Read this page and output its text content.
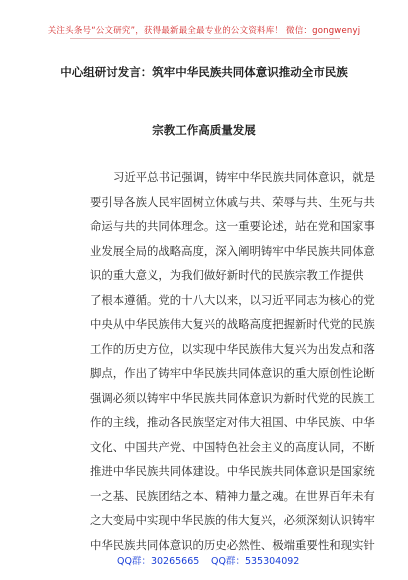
关注头条号“公文研究”，获得最新最全最专业的公文资料库！ 微信：gongwenyj
中心组研讨发言：筑牢中华民族共同体意识推动全市民族
宗教工作高质量发展
习近平总书记强调，铸牢中华民族共同体意识，就是
要引导各族人民牢固树立休戚与共、荣辱与共、生死与共
命运与共的共同体理念。这一重要论述，站在党和国家事
业发展全局的战略高度，深入阐明铸牢中华民族共同体意
识的重大意义，为我们做好新时代的民族宗教工作提供
了根本遵循。党的十八大以来，以习近平同志为核心的党
中央从中华民族伟大复兴的战略高度把握新时代党的民族
工作的历史方位，以实现中华民族伟大复兴为出发点和落
脚点，作出了铸牢中华民族共同体意识的重大原创性论断
强调必须以铸牢中华民族共同体意识为新时代党的民族工
作的主线，推动各民族坚定对伟大祖国、中华民族、中华
文化、中国共产党、中国特色社会主义的高度认同，不断
推进中华民族共同体建设。中华民族共同体意识是国家统
一之基、民族团结之本、精神力量之魂。在世界百年未有
之大变局中实现中华民族的伟大复兴，必须深刻认识铸牢
中华民族共同体意识的历史必然性、极端重要性和现实针
QQ群：30265665 QQ群：535304092
